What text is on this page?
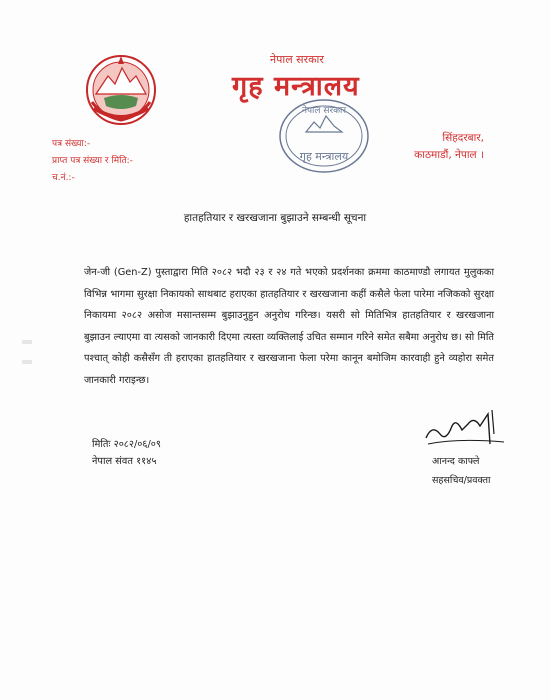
नेपाल सरकार
गृह मन्त्रालय
नेपाल सरकार
गृह मन्त्रालय
पत्र संख्या:-
प्राप्त पत्र संख्या र मिति:-
च.नं.:-
सिंहदरबार,
काठमाडौं, नेपाल ।
हातहतियार र खरखजाना बुझाउने सम्बन्धी सूचना
जेन-जी (Gen-Z) पुस्ताद्वारा मिति २०८२ भदौ २३ र २४ गते भएको प्रदर्शनका क्रममा काठमाण्डौ लगायत मुलुकका विभिन्न भागमा सुरक्षा निकायको साथबाट हराएका हातहतियार र खरखजाना कहीं कसैले फेला पारेमा नजिकको सुरक्षा निकायमा २०८२ असोज मसान्तसम्म बुझाउनुहुन अनुरोध गरिन्छ। यसरी सो मितिभित्र हातहतियार र खरखजाना बुझाउन ल्याएमा वा त्यसको जानकारी दिएमा त्यस्ता व्यक्तिलाई उचित सम्मान गरिने समेत सबैमा अनुरोध छ। सो मिति पश्चात् कोही कसैसँग ती हराएका हातहतियार र खरखजाना फेला परेमा कानून बमोजिम कारवाही हुने व्यहोरा समेत जानकारी गराइन्छ।
मितिः २०८२/०६/०९
नेपाल संवत ११४५	आनन्द काफ्ले
सहसचिव/प्रवक्ता
